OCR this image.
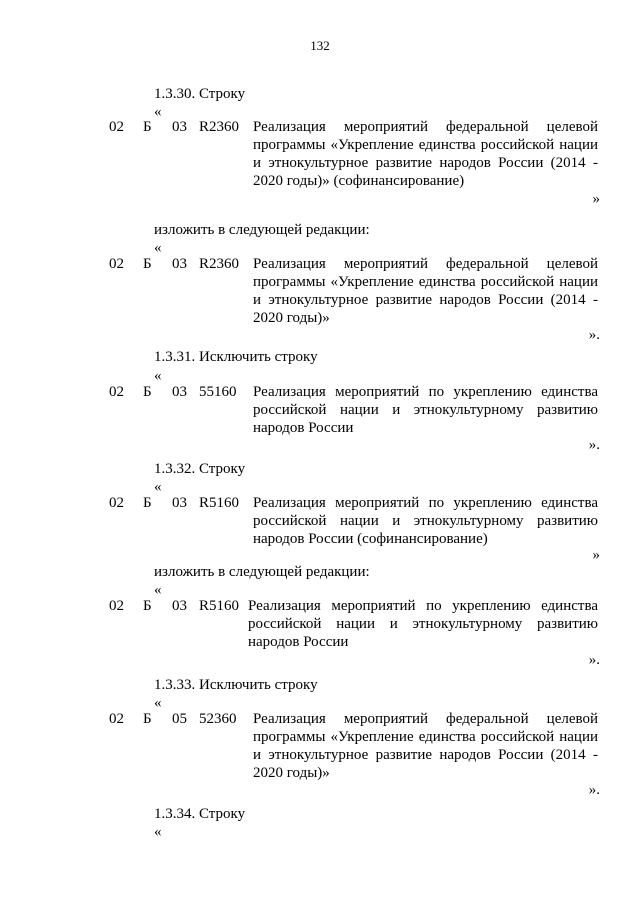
132
1.3.30. Строку
«
02 Б 03 R2360 Реализация мероприятий федеральной целевой программы «Укрепление единства российской нации и этнокультурное развитие народов России (2014 - 2020 годы)» (софинансирование)
»
изложить в следующей редакции:
«
02 Б 03 R2360 Реализация мероприятий федеральной целевой программы «Укрепление единства российской нации и этнокультурное развитие народов России (2014 - 2020 годы)»
».
1.3.31. Исключить строку
«
02 Б 03 55160 Реализация мероприятий по укреплению единства российской нации и этнокультурному развитию народов России
».
1.3.32. Строку
«
02 Б 03 R5160 Реализация мероприятий по укреплению единства российской нации и этнокультурному развитию народов России (софинансирование)
»
изложить в следующей редакции:
«
02 Б 03 R5160 Реализация мероприятий по укреплению единства российской нации и этнокультурному развитию народов России
».
1.3.33. Исключить строку
«
02 Б 05 52360 Реализация мероприятий федеральной целевой программы «Укрепление единства российской нации и этнокультурное развитие народов России (2014 - 2020 годы)»
».
1.3.34. Строку
«
